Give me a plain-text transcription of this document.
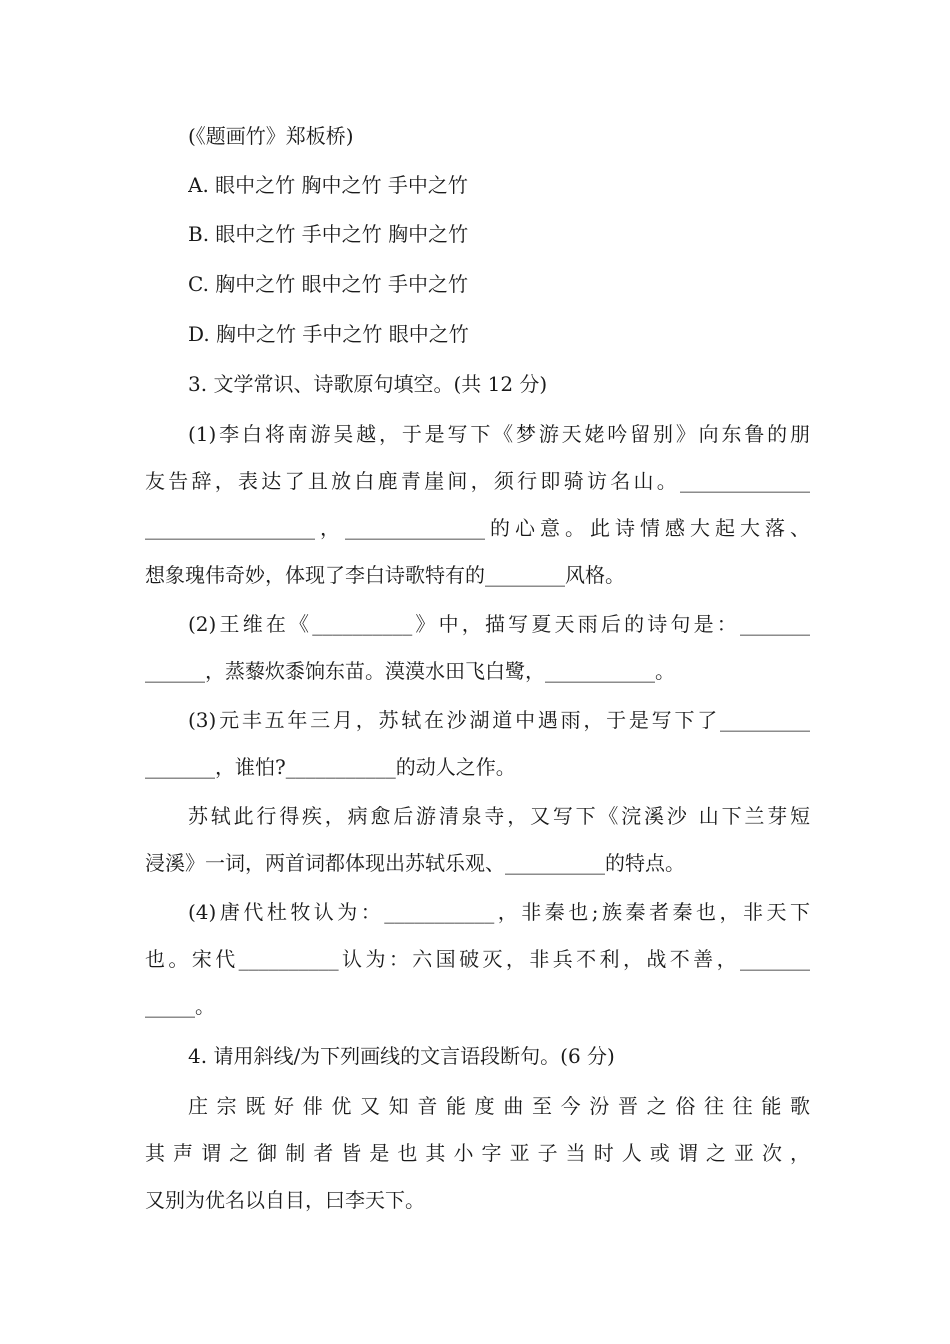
(《题画竹》郑板桥)
A. 眼中之竹 胸中之竹 手中之竹
B. 眼中之竹 手中之竹 胸中之竹
C. 胸中之竹 眼中之竹 手中之竹
D. 胸中之竹 手中之竹 眼中之竹
3. 文学常识、诗歌原句填空。(共 12 分)
(1)李白将南游吴越，于是写下《梦游天姥吟留别》向东鲁的朋
友告辞，表达了且放白鹿青崖间，须行即骑访名山。_____________
_________________，______________的心意。此诗情感大起大落、
想象瑰伟奇妙，体现了李白诗歌特有的________风格。
(2)王维在《__________》中，描写夏天雨后的诗句是：_______
______，蒸藜炊黍饷东苗。漠漠水田飞白鹭，___________。
(3)元丰五年三月，苏轼在沙湖道中遇雨，于是写下了_________
_______，谁怕?___________的动人之作。
苏轼此行得疾，病愈后游清泉寺，又写下《浣溪沙 山下兰芽短
浸溪》一词，两首词都体现出苏轼乐观、__________的特点。
(4)唐代杜牧认为：___________，非秦也;族秦者秦也，非天下
也。宋代__________认为：六国破灭，非兵不利，战不善，_______
_____。
4. 请用斜线/为下列画线的文言语段断句。(6 分)
庄宗既好俳优又知音能度曲至今汾晋之俗往往能歌
其声谓之御制者皆是也其小字亚子当时人或谓之亚次，
又别为优名以自目，曰李天下。
